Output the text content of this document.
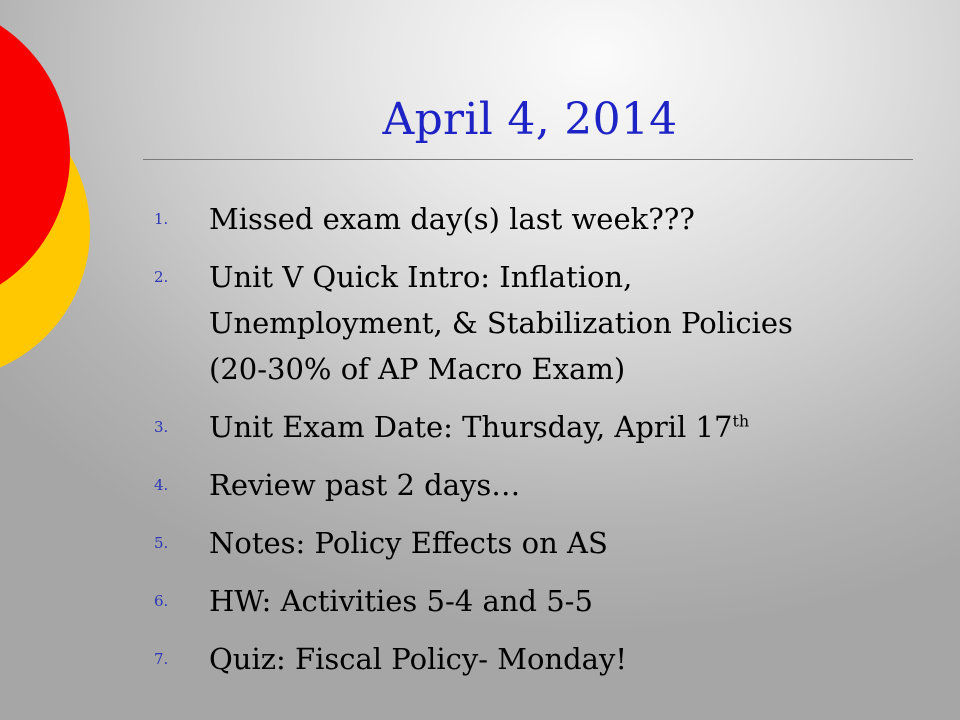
April 4, 2014
1.	Missed exam day(s) last week???
2.	Unit V Quick Intro: Inflation,
Unemployment, & Stabilization Policies
(20-30% of AP Macro Exam)
3.	Unit Exam Date: Thursday, April 17th
4.	Review past 2 days…
5.	Notes: Policy Effects on AS
6.	HW: Activities 5-4 and 5-5
7.	Quiz: Fiscal Policy- Monday!
